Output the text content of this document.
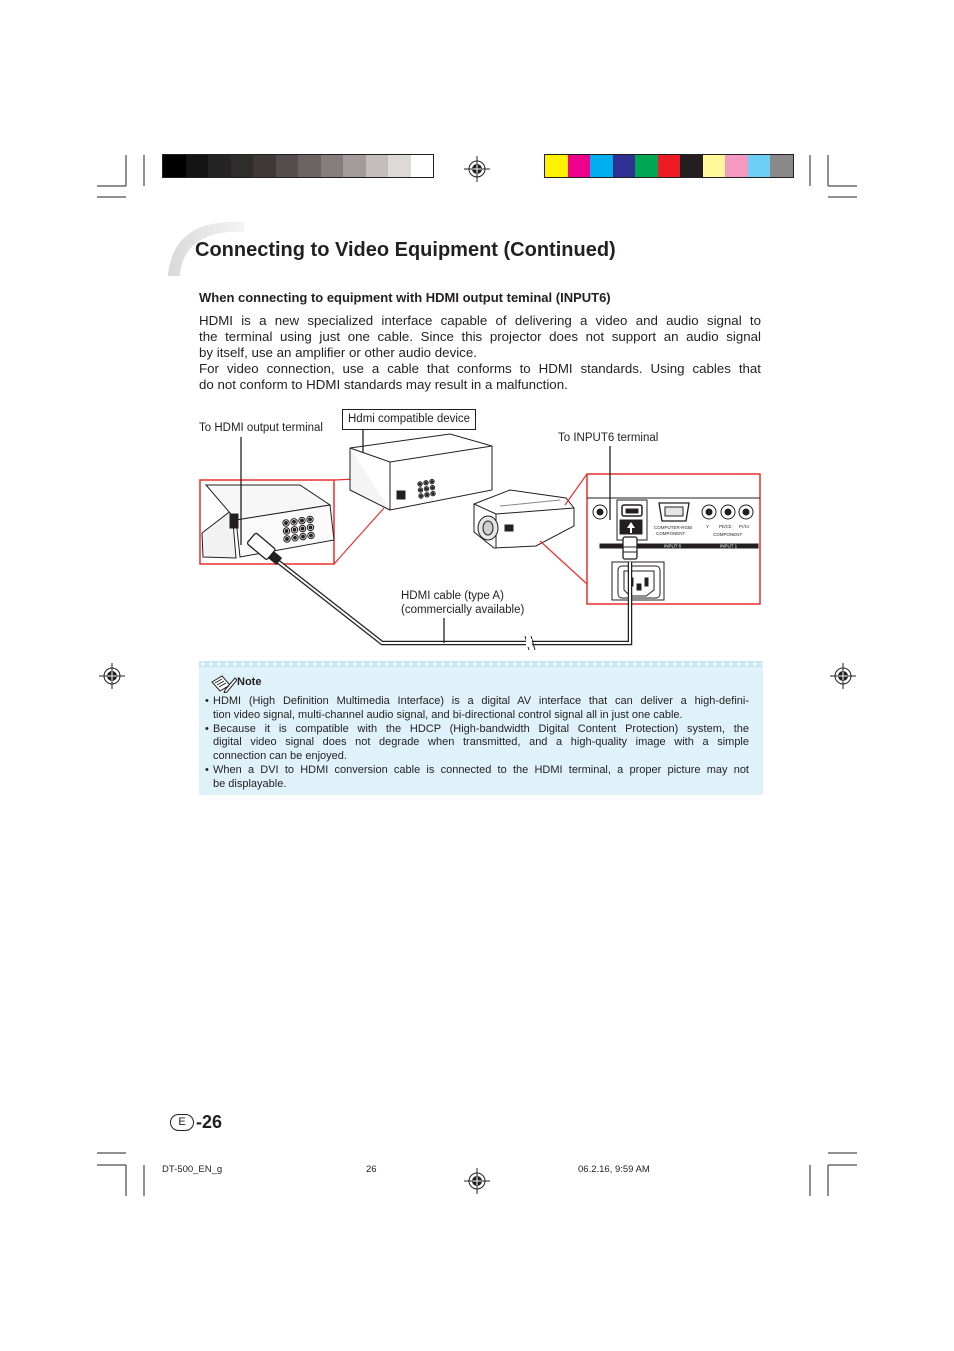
Connecting to Video Equipment (Continued)
When connecting to equipment with HDMI output teminal (INPUT6)
HDMI is a new specialized interface capable of delivering a video and audio signal to
the terminal using just one cable. Since this projector does not support an audio signal
by itself, use an amplifier or other audio device.
For video connection, use a cable that conforms to HDMI standards. Using cables that
do not conform to HDMI standards may result in a malfunction.
COMPUTER-RGB/
COMPONENT
Y Pb/Cb Pr/Cr
COMPONENT
INPUT 6	INPUT 1
To HDMI output terminal
Hdmi compatible device
To INPUT6 terminal
HDMI cable (type A)
(commercially available)
Note
• HDMI (High Definition Multimedia Interface) is a digital AV interface that can deliver a high-defini-
tion video signal, multi-channel audio signal, and bi-directional control signal all in just one cable.
• Because it is compatible with the HDCP (High-bandwidth Digital Content Protection) system, the
digital video signal does not degrade when transmitted, and a high-quality image with a simple
connection can be enjoyed.
• When a DVI to HDMI conversion cable is connected to the HDMI terminal, a proper picture may not
be displayable.
E -26
DT-500_EN_g	26	06.2.16, 9:59 AM
